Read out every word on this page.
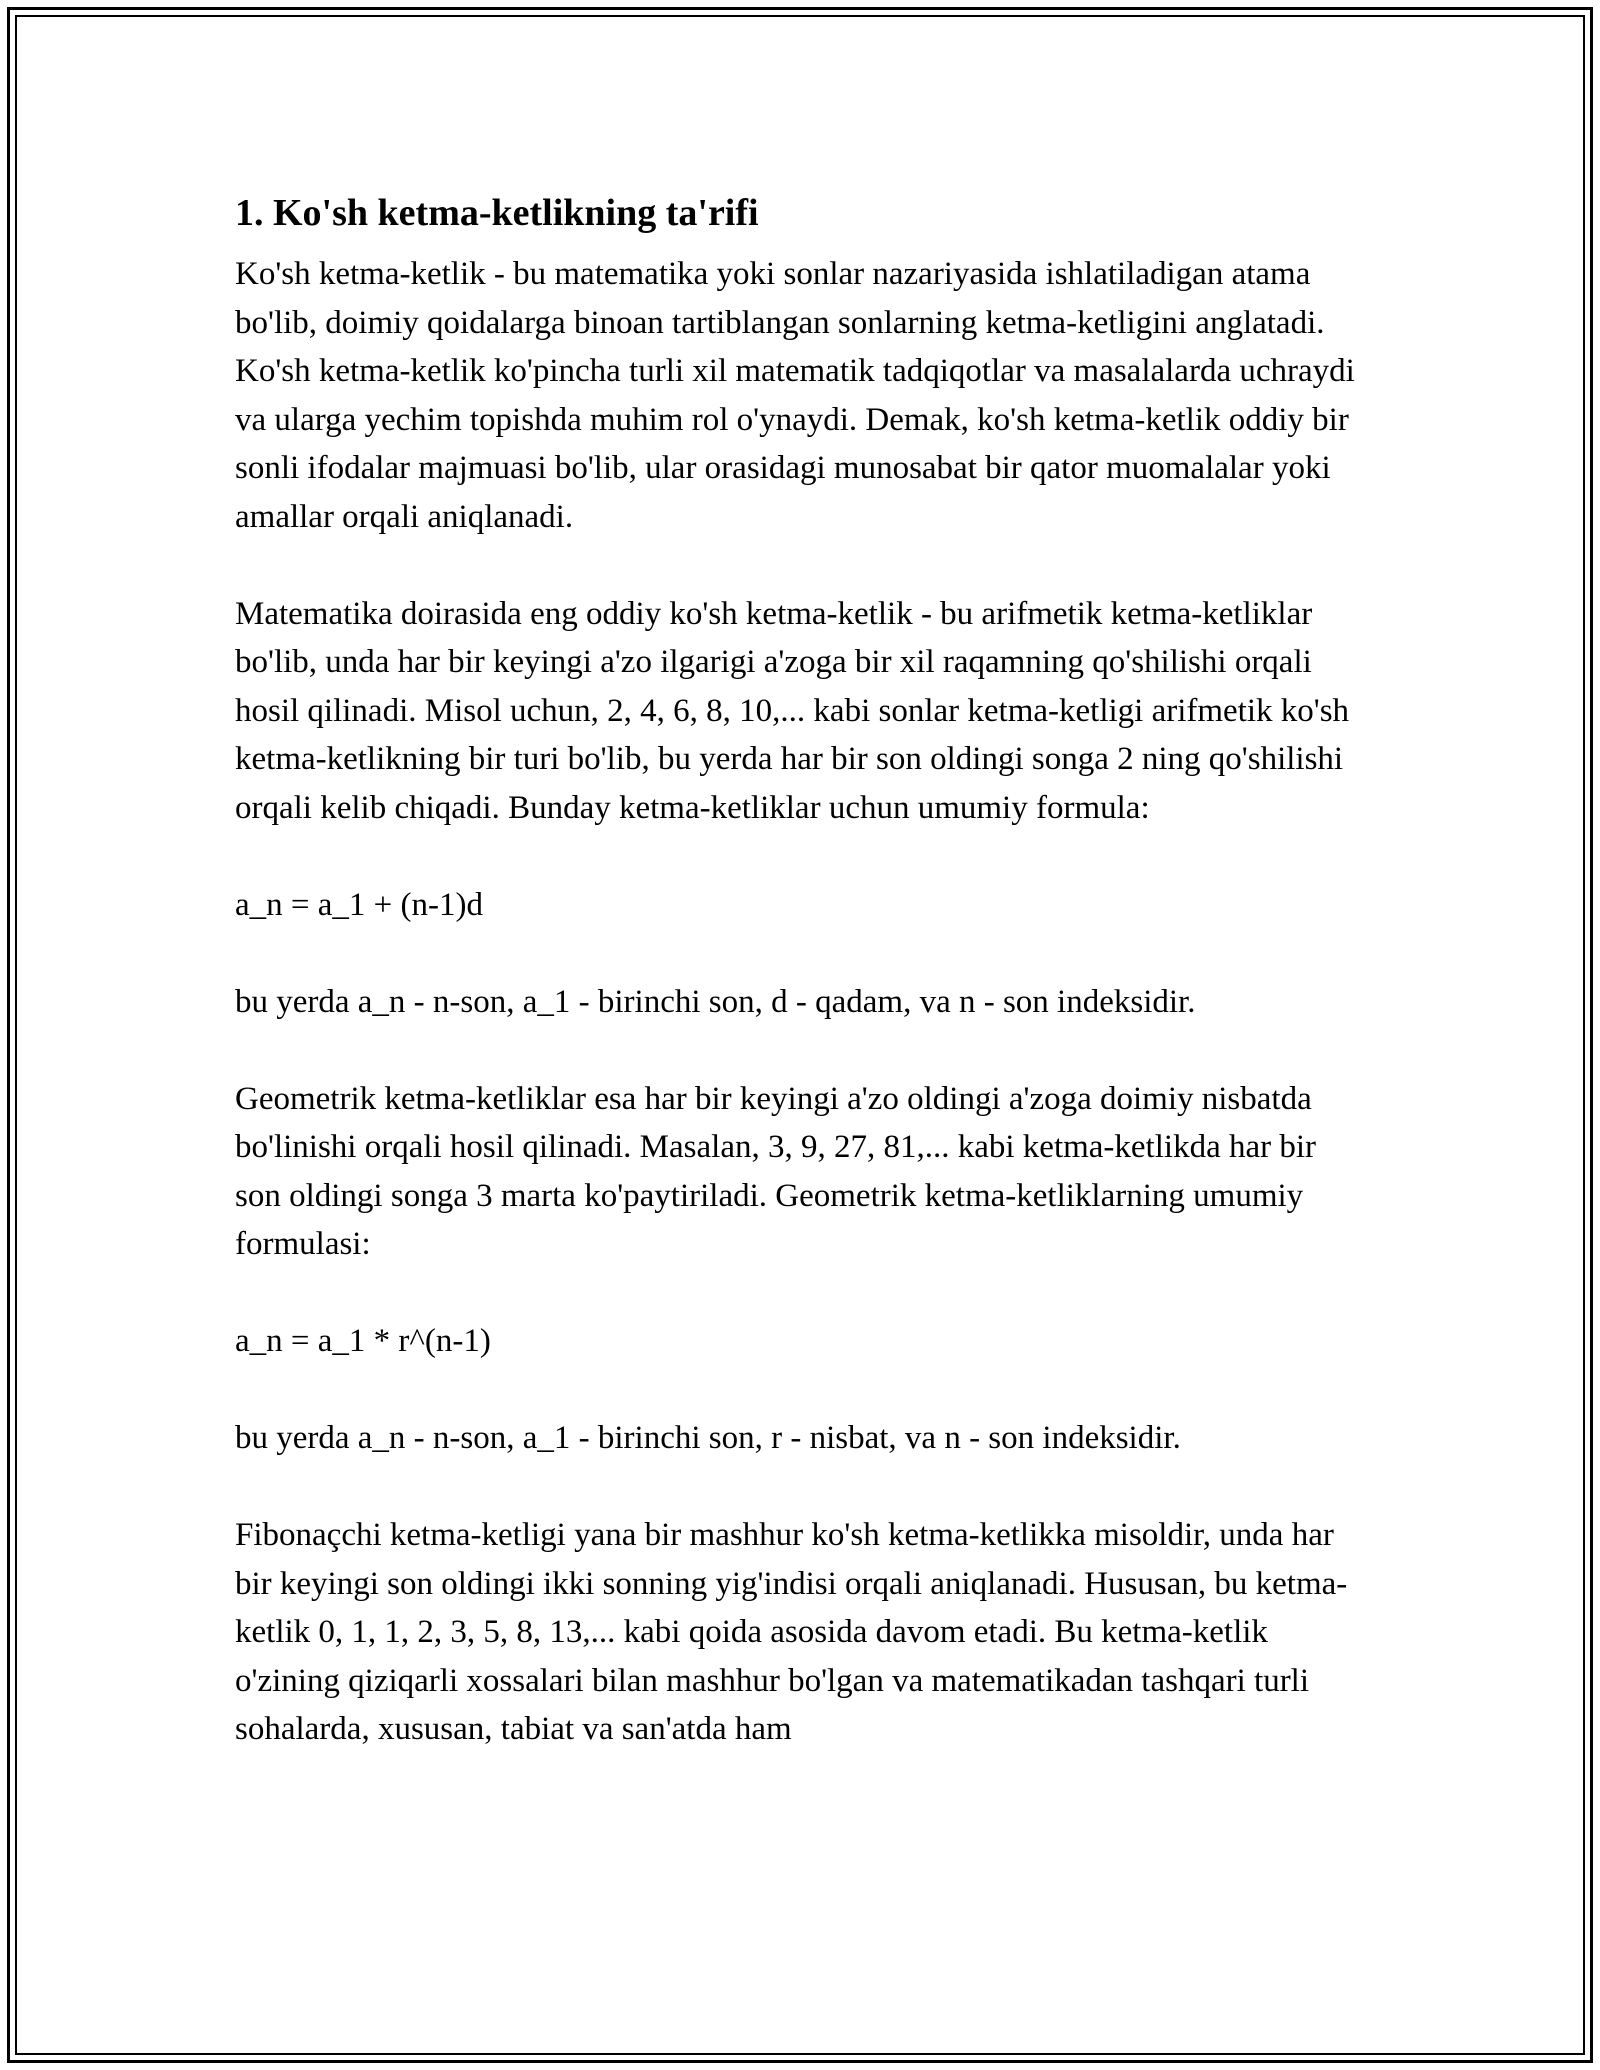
1. Ko'sh ketma-ketlikning ta'rifi

Ko'sh ketma-ketlik - bu matematika yoki sonlar nazariyasida ishlatiladigan atama bo'lib, doimiy qoidalarga binoan tartiblangan sonlarning ketma-ketligini anglatadi. Ko'sh ketma-ketlik ko'pincha turli xil matematik tadqiqotlar va masalalarda uchraydi va ularga yechim topishda muhim rol o'ynaydi. Demak, ko'sh ketma-ketlik oddiy bir sonli ifodalar majmuasi bo'lib, ular orasidagi munosabat bir qator muomalalar yoki amallar orqali aniqlanadi.

Matematika doirasida eng oddiy ko'sh ketma-ketlik - bu arifmetik ketma-ketliklar bo'lib, unda har bir keyingi a'zo ilgarigi a'zoga bir xil raqamning qo'shilishi orqali hosil qilinadi. Misol uchun, 2, 4, 6, 8, 10,... kabi sonlar ketma-ketligi arifmetik ko'sh ketma-ketlikning bir turi bo'lib, bu yerda har bir son oldingi songa 2 ning qo'shilishi orqali kelib chiqadi. Bunday ketma-ketliklar uchun umumiy formula:

a_n = a_1 + (n-1)d

bu yerda a_n - n-son, a_1 - birinchi son, d - qadam, va n - son indeksidir.

Geometrik ketma-ketliklar esa har bir keyingi a'zo oldingi a'zoga doimiy nisbatda bo'linishi orqali hosil qilinadi. Masalan, 3, 9, 27, 81,... kabi ketma-ketlikda har bir son oldingi songa 3 marta ko'paytiriladi. Geometrik ketma-ketliklarning umumiy formulasi:

a_n = a_1 * r^(n-1)

bu yerda a_n - n-son, a_1 - birinchi son, r - nisbat, va n - son indeksidir.

Fibonaçchi ketma-ketligi yana bir mashhur ko'sh ketma-ketlikka misoldir, unda har bir keyingi son oldingi ikki sonning yig'indisi orqali aniqlanadi. Hususan, bu ketma-ketlik 0, 1, 1, 2, 3, 5, 8, 13,... kabi qoida asosida davom etadi. Bu ketma-ketlik o'zining qiziqarli xossalari bilan mashhur bo'lgan va matematikadan tashqari turli sohalarda, xususan, tabiat va san'atda ham
